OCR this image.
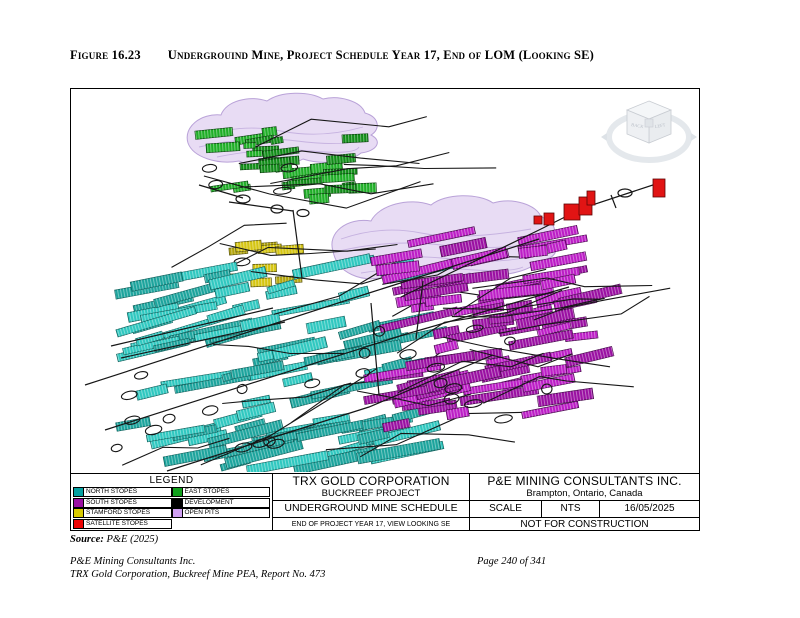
Figure 16.23 Undergrouind Mine, Project Schedule Year 17, End of LOM (Looking SE)
BACK LEFT
LEGEND
NORTH STOPES	EAST STOPES
SOUTH STOPES	DEVELOPMENT
STAMFORD STOPES	OPEN PITS
SATELLITE STOPES
TRX GOLD CORPORATION
BUCKREEF PROJECT
UNDERGROUND MINE SCHEDULE
END OF PROJECT YEAR 17, VIEW LOOKING SE
P&E MINING CONSULTANTS INC.
Brampton, Ontario, Canada
SCALE	NTS	16/05/2025
NOT FOR CONSTRUCTION
Source: P&E (2025)
P&E Mining Consultants Inc.	Page 240 of 341
TRX Gold Corporation, Buckreef Mine PEA, Report No. 473
